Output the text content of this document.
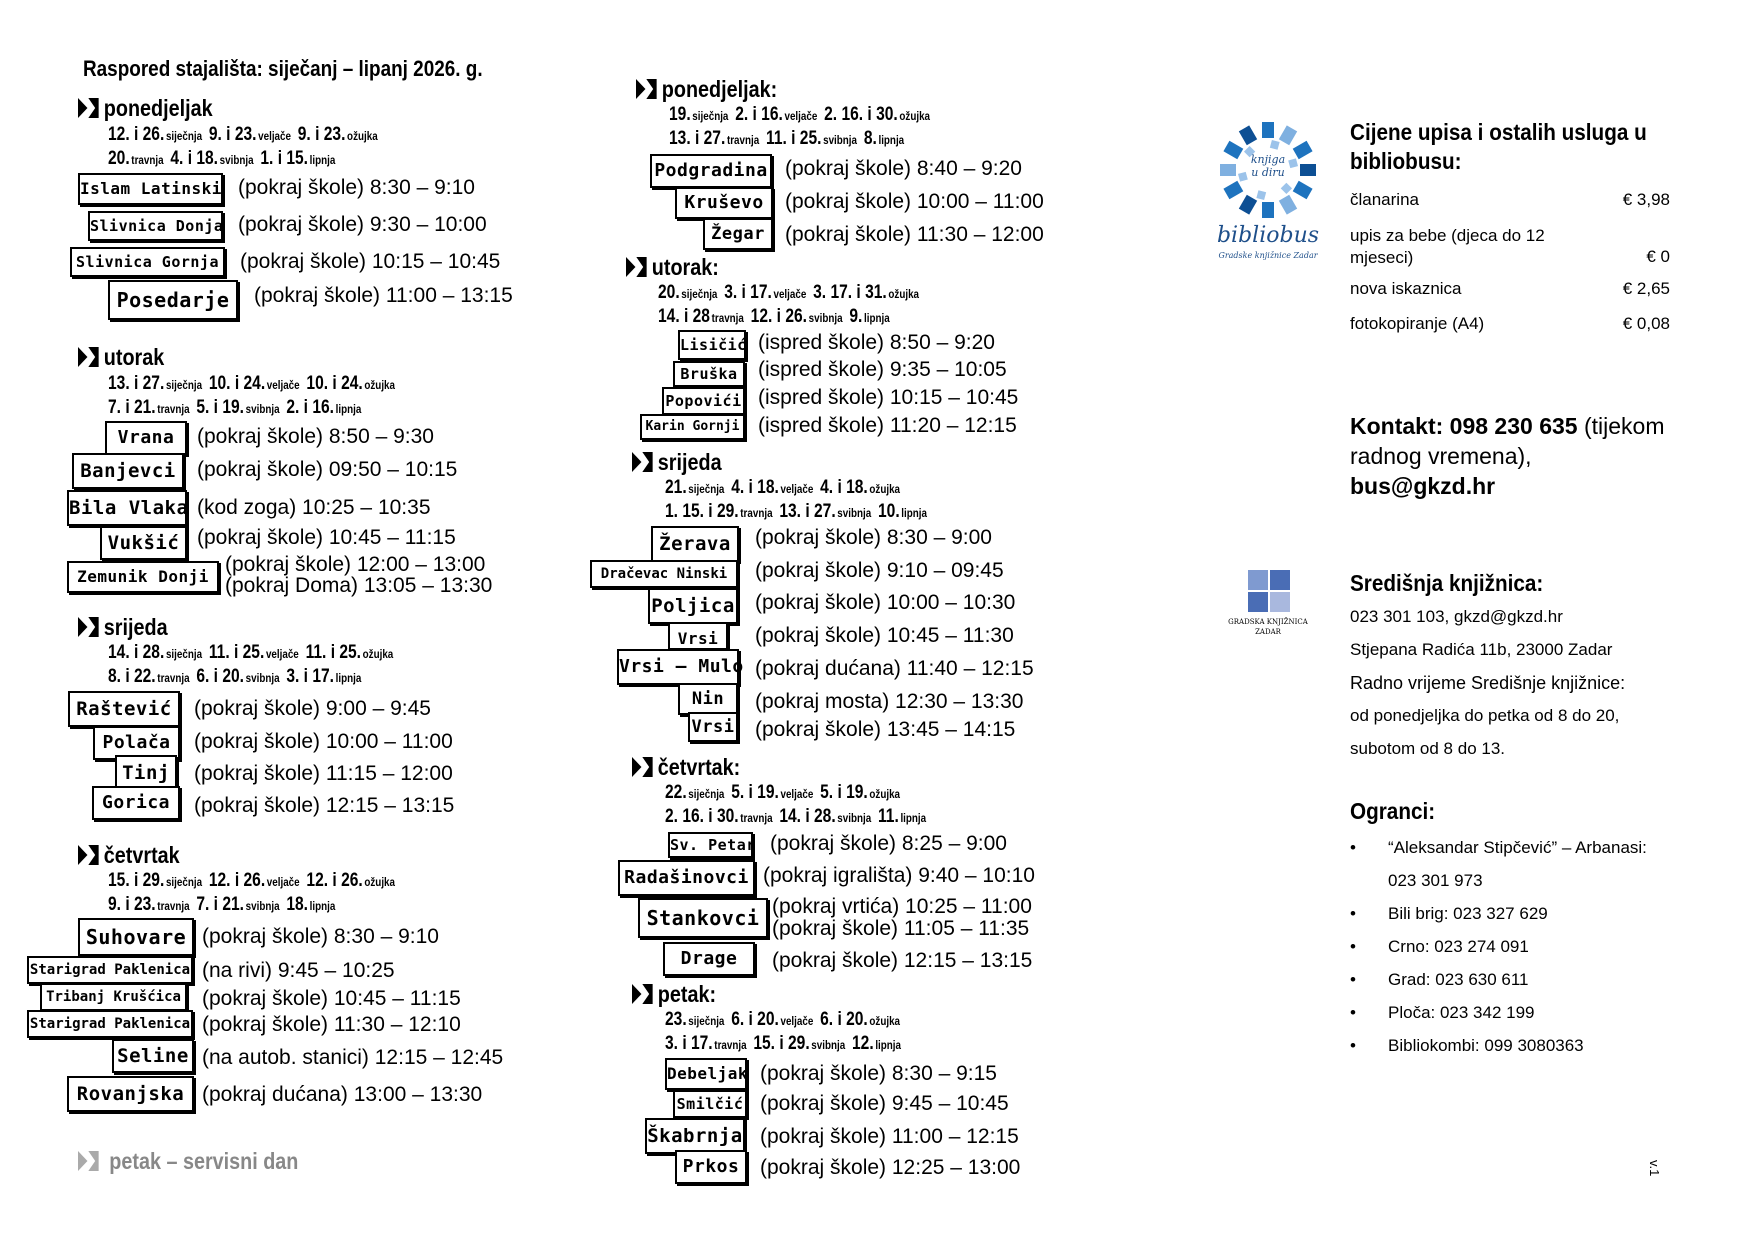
Raspored stajališta: siječanj – lipanj 2026. g.
ponedjeljak
12. i 26. siječnja 9. i 23. veljače 9. i 23. ožujka
20. travnja 4. i 18. svibnja 1. i 15. lipnja
Islam Latinski (pokraj škole) 8:30 – 9:10
Slivnica Donja (pokraj škole) 9:30 – 10:00
Slivnica Gornja (pokraj škole) 10:15 – 10:45
Posedarje	(pokraj škole) 11:00 – 13:15
utorak
13. i 27. siječnja 10. i 24. veljače 10. i 24. ožujka
7. i 21. travnja 5. i 19. svibnja 2. i 16. lipnja
Vrana	(pokraj škole) 8:50 – 9:30
Banjevci	(pokraj škole) 09:50 – 10:15
Bila Vlaka (kod zoga) 10:25 – 10:35
Vukšić (pokraj škole) 10:45 – 11:15
Zemunik Donji
(pokraj škole) 12:00 – 13:00
(pokraj Doma) 13:05 – 13:30
srijeda
14. i 28. siječnja 11. i 25. veljače 11. i 25. ožujka
8. i 22. travnja 6. i 20. svibnja 3. i 17. lipnja
Raštević	(pokraj škole) 9:00 – 9:45
Polača	(pokraj škole) 10:00 – 11:00
Tinj	(pokraj škole) 11:15 – 12:00
Gorica	(pokraj škole) 12:15 – 13:15
četvrtak
15. i 29. siječnja 12. i 26. veljače 12. i 26. ožujka
9. i 23. travnja 7. i 21. svibnja 18. lipnja
Suhovare (pokraj škole) 8:30 – 9:10
Starigrad Paklenica (na rivi) 9:45 – 10:25
Tribanj Krušćica (pokraj škole) 10:45 – 11:15
Starigrad Paklenica (pokraj škole) 11:30 – 12:10
Seline (na autob. stanici) 12:15 – 12:45
Rovanjska (pokraj dućana) 13:00 – 13:30
petak – servisni dan
ponedjeljak:
19. siječnja 2. i 16. veljače 2. 16. i 30. ožujka
13. i 27. travnja 11. i 25. svibnja 8. lipnja
Podgradina (pokraj škole) 8:40 – 9:20
Kruševo	(pokraj škole) 10:00 – 11:00
Žegar (pokraj škole) 11:30 – 12:00
utorak:
20. siječnja 3. i 17. veljače 3. 17. i 31. ožujka
14. i 28 travnja 12. i 26. svibnja 9. lipnja
Lisičić (ispred škole) 8:50 – 9:20
Bruška (ispred škole) 9:35 – 10:05
Popovići (ispred škole) 10:15 – 10:45
Karin Gornji (ispred škole) 11:20 – 12:15
srijeda
21. siječnja 4. i 18. veljače 4. i 18. ožujka
1. 15. i 29. travnja 13. i 27. svibnja 10. lipnja
Žerava	(pokraj škole) 8:30 – 9:00
Dračevac Ninski	(pokraj škole) 9:10 – 09:45
Poljica (pokraj škole) 10:00 – 10:30
Vrsi	(pokraj škole) 10:45 – 11:30
Vrsi – Mulo (pokraj dućana) 11:40 – 12:15
Nin	(pokraj mosta) 12:30 – 13:30
Vrsi (pokraj škole) 13:45 – 14:15
četvrtak:
22. siječnja 5. i 19. veljače 5. i 19. ožujka
2. 16. i 30. travnja 14. i 28. svibnja 11. lipnja
Sv. Petar (pokraj škole) 8:25 – 9:00
Radašinovci (pokraj igrališta) 9:40 – 10:10
Stankovci (pokraj vrtića) 10:25 – 11:00
(pokraj škole) 11:05 – 11:35
Drage	(pokraj škole) 12:15 – 13:15
petak:
23. siječnja 6. i 20. veljače 6. i 20. ožujka
3. i 17. travnja 15. i 29. svibnja 12. lipnja
Debeljak (pokraj škole) 8:30 – 9:15
Smilčić (pokraj škole) 9:45 – 10:45
Škabrnja (pokraj škole) 11:00 – 12:15
Prkos (pokraj škole) 12:25 – 13:00
knjiga
u diru
bibliobus
Gradske knjižnice Zadar
Cijene upisa i ostalih usluga u bibliobusu:
članarina	€ 3,98
upis za bebe (djeca do 12 mjeseci)	€ 0
nova iskaznica	€ 2,65
fotokopiranje (A4)	€ 0,08
Kontakt: 098 230 635 (tijekom radnog vremena),
bus@gkzd.hr
GRADSKA KNJIŽNICA
ZADAR
Središnja knjižnica:
023 301 103, gkzd@gkzd.hr
Stjepana Radića 11b, 23000 Zadar
Radno vrijeme Središnje knjižnice:
od ponedjeljka do petka od 8 do 20,
subotom od 8 do 13.
Ogranci:
• “Aleksandar Stipčević” – Arbanasi:
023 301 973
• Bili brig: 023 327 629
• Crno: 023 274 091
• Grad: 023 630 611
• Ploča: 023 342 199
• Bibliokombi: 099 3080363
v.1
